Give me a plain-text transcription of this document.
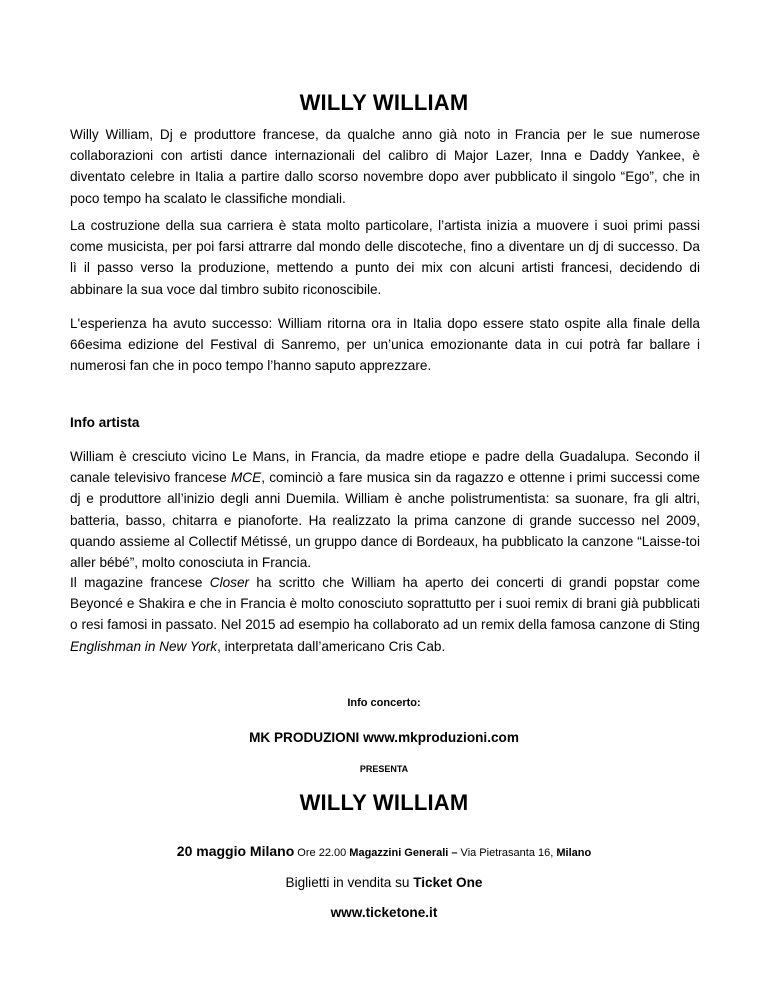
WILLY WILLIAM

Willy William, Dj e produttore francese, da qualche anno già noto in Francia per le sue numerose collaborazioni con artisti dance internazionali del calibro di Major Lazer, Inna e Daddy Yankee, è diventato celebre in Italia a partire dallo scorso novembre dopo aver pubblicato il singolo “Ego”, che in poco tempo ha scalato le classifiche mondiali.

La costruzione della sua carriera è stata molto particolare, l’artista inizia a muovere i suoi primi passi come musicista, per poi farsi attrarre dal mondo delle discoteche, fino a diventare un dj di successo. Da lì il passo verso la produzione, mettendo a punto dei mix con alcuni artisti francesi, decidendo di abbinare la sua voce dal timbro subito riconoscibile.

L'esperienza ha avuto successo: William ritorna ora in Italia dopo essere stato ospite alla finale della 66esima edizione del Festival di Sanremo, per un’unica emozionante data in cui potrà far ballare i numerosi fan che in poco tempo l’hanno saputo apprezzare.

Info artista

William è cresciuto vicino Le Mans, in Francia, da madre etiope e padre della Guadalupa. Secondo il canale televisivo francese MCE, cominciò a fare musica sin da ragazzo e ottenne i primi successi come dj e produttore all’inizio degli anni Duemila. William è anche polistrumentista: sa suonare, fra gli altri, batteria, basso, chitarra e pianoforte. Ha realizzato la prima canzone di grande successo nel 2009, quando assieme al Collectif Métissé, un gruppo dance di Bordeaux, ha pubblicato la canzone “Laisse-toi aller bébé”, molto conosciuta in Francia.

Il magazine francese Closer ha scritto che William ha aperto dei concerti di grandi popstar come Beyoncé e Shakira e che in Francia è molto conosciuto soprattutto per i suoi remix di brani già pubblicati o resi famosi in passato. Nel 2015 ad esempio ha collaborato ad un remix della famosa canzone di Sting Englishman in New York, interpretata dall’americano Cris Cab.

Info concerto:
MK PRODUZIONI www.mkproduzioni.com
PRESENTA
WILLY WILLIAM
20 maggio Milano Ore 22.00 Magazzini Generali – Via Pietrasanta 16, Milano
Biglietti in vendita su Ticket One
www.ticketone.it
